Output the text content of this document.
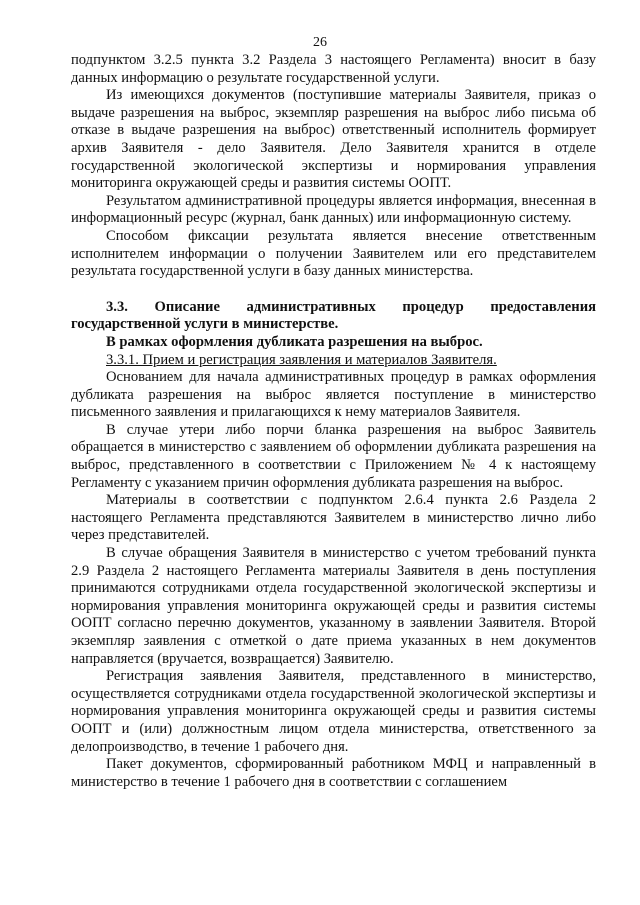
26

подпунктом 3.2.5 пункта 3.2 Раздела 3 настоящего Регламента) вносит в базу данных информацию о результате государственной услуги.

Из имеющихся документов (поступившие материалы Заявителя, приказ о выдаче разрешения на выброс, экземпляр разрешения на выброс либо письма об отказе в выдаче разрешения на выброс) ответственный исполнитель формирует архив Заявителя - дело Заявителя. Дело Заявителя хранится в отделе государственной экологической экспертизы и нормирования управления мониторинга окружающей среды и развития системы ООПТ.

Результатом административной процедуры является информация, внесенная в информационный ресурс (журнал, банк данных) или информационную систему.

Способом фиксации результата является внесение ответственным исполнителем информации о получении Заявителем или его представителем результата государственной услуги в базу данных министерства.

3.3. Описание административных процедур предоставления государственной услуги в министерстве.

В рамках оформления дубликата разрешения на выброс.

3.3.1. Прием и регистрация заявления и материалов Заявителя.

Основанием для начала административных процедур в рамках оформления дубликата разрешения на выброс является поступление в министерство письменного заявления и прилагающихся к нему материалов Заявителя.

В случае утери либо порчи бланка разрешения на выброс Заявитель обращается в министерство с заявлением об оформлении дубликата разрешения на выброс, представленного в соответствии с Приложением № 4 к настоящему Регламенту с указанием причин оформления дубликата разрешения на выброс.

Материалы в соответствии с подпунктом 2.6.4 пункта 2.6 Раздела 2 настоящего Регламента представляются Заявителем в министерство лично либо через представителей.

В случае обращения Заявителя в министерство с учетом требований пункта 2.9 Раздела 2 настоящего Регламента материалы Заявителя в день поступления принимаются сотрудниками отдела государственной экологической экспертизы и нормирования управления мониторинга окружающей среды и развития системы ООПТ согласно перечню документов, указанному в заявлении Заявителя. Второй экземпляр заявления с отметкой о дате приема указанных в нем документов направляется (вручается, возвращается) Заявителю.

Регистрация заявления Заявителя, представленного в министерство, осуществляется сотрудниками отдела государственной экологической экспертизы и нормирования управления мониторинга окружающей среды и развития системы ООПТ и (или) должностным лицом отдела министерства, ответственного за делопроизводство, в течение 1 рабочего дня.

Пакет документов, сформированный работником МФЦ и направленный в министерство в течение 1 рабочего дня в соответствии с соглашением
